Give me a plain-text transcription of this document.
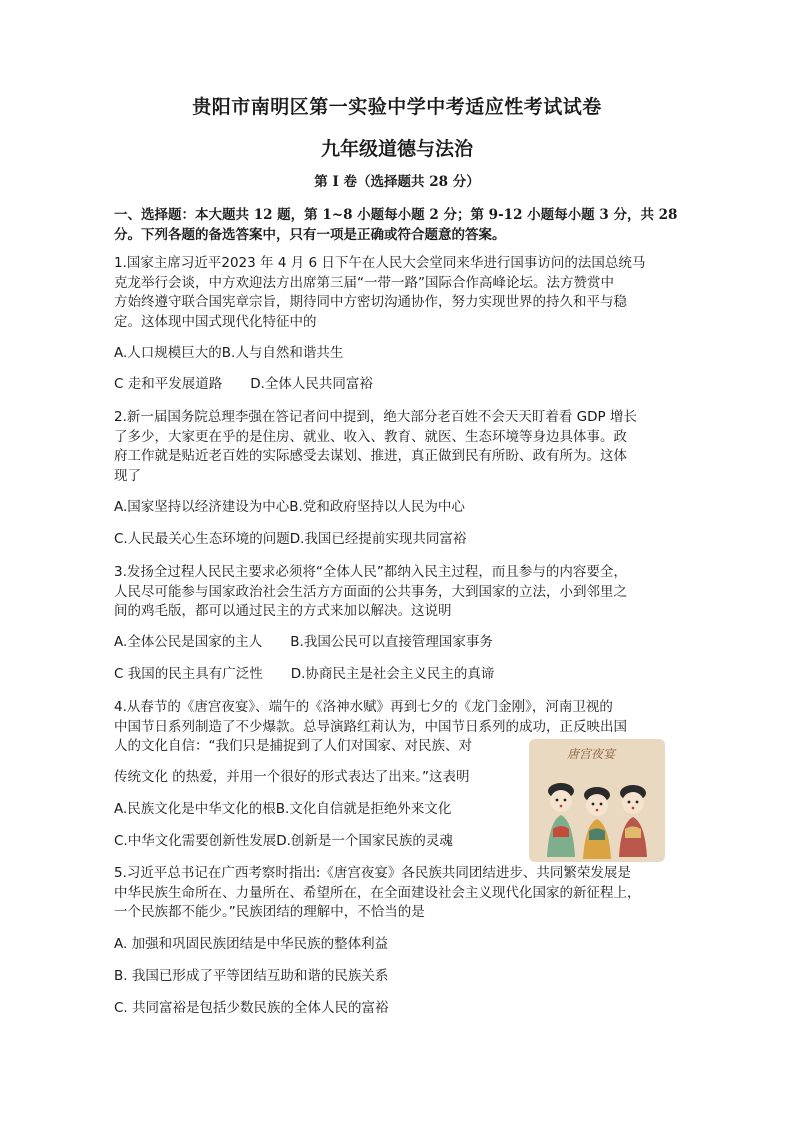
贵阳市南明区第一实验中学中考适应性考试试卷
九年级道德与法治
第 I 卷（选择题共 28 分）
一、选择题：本大题共 12 题，第 1~8 小题每小题 2 分；第 9-12 小题每小题 3 分，共 28
分。下列各题的备选答案中，只有一项是正确或符合题意的答案。
1.国家主席习近平2023 年 4 月 6 日下午在人民大会堂同来华进行国事访问的法国总统马
克龙举行会谈，中方欢迎法方出席第三届“一带一路”国际合作高峰论坛。法方赞赏中
方始终遵守联合国宪章宗旨，期待同中方密切沟通协作，努力实现世界的持久和平与稳
定。这体现中国式现代化特征中的
A.人口规模巨大的B.人与自然和谐共生
C 走和平发展道路 D.全体人民共同富裕
2.新一届国务院总理李强在答记者问中提到，绝大部分老百姓不会天天盯着看 GDP 增长
了多少，大家更在乎的是住房、就业、收入、教育、就医、生态环境等身边具体事。政
府工作就是贴近老百姓的实际感受去谋划、推进，真正做到民有所盼、政有所为。这体
现了
A.国家坚持以经济建设为中心B.党和政府坚持以人民为中心
C.人民最关心生态环境的问题D.我国已经提前实现共同富裕
3.发扬全过程人民民主要求必须将“全体人民”都纳入民主过程，而且参与的内容要全，
人民尽可能参与国家政治社会生活方方面面的公共事务，大到国家的立法，小到邻里之
间的鸡毛版，都可以通过民主的方式来加以解决。这说明
A.全体公民是国家的主人 B.我国公民可以直接管理国家事务
C 我国的民主具有广泛性 D.协商民主是社会主义民主的真谛
4.从春节的《唐宫夜宴》、端午的《洛神水赋》再到七夕的《龙门金刚》，河南卫视的
中国节日系列制造了不少爆款。总导演路红莉认为，中国节日系列的成功，正反映出国
人的文化自信：“我们只是捕捉到了人们对国家、对民族、对
传统文化 的热爱，并用一个很好的形式表达了出来。”这表明
A.民族文化是中华文化的根B.文化自信就是拒绝外来文化
C.中华文化需要创新性发展D.创新是一个国家民族的灵魂
唐宫夜宴
5.习近平总书记在广西考察时指出:《唐宫夜宴》各民族共同团结进步、共同繁荣发展是
中华民族生命所在、力量所在、希望所在，在全面建设社会主义现代化国家的新征程上，
一个民族都不能少。”民族团结的理解中，不恰当的是
A. 加强和巩固民族团结是中华民族的整体利益
B. 我国已形成了平等团结互助和谐的民族关系
C. 共同富裕是包括少数民族的全体人民的富裕
